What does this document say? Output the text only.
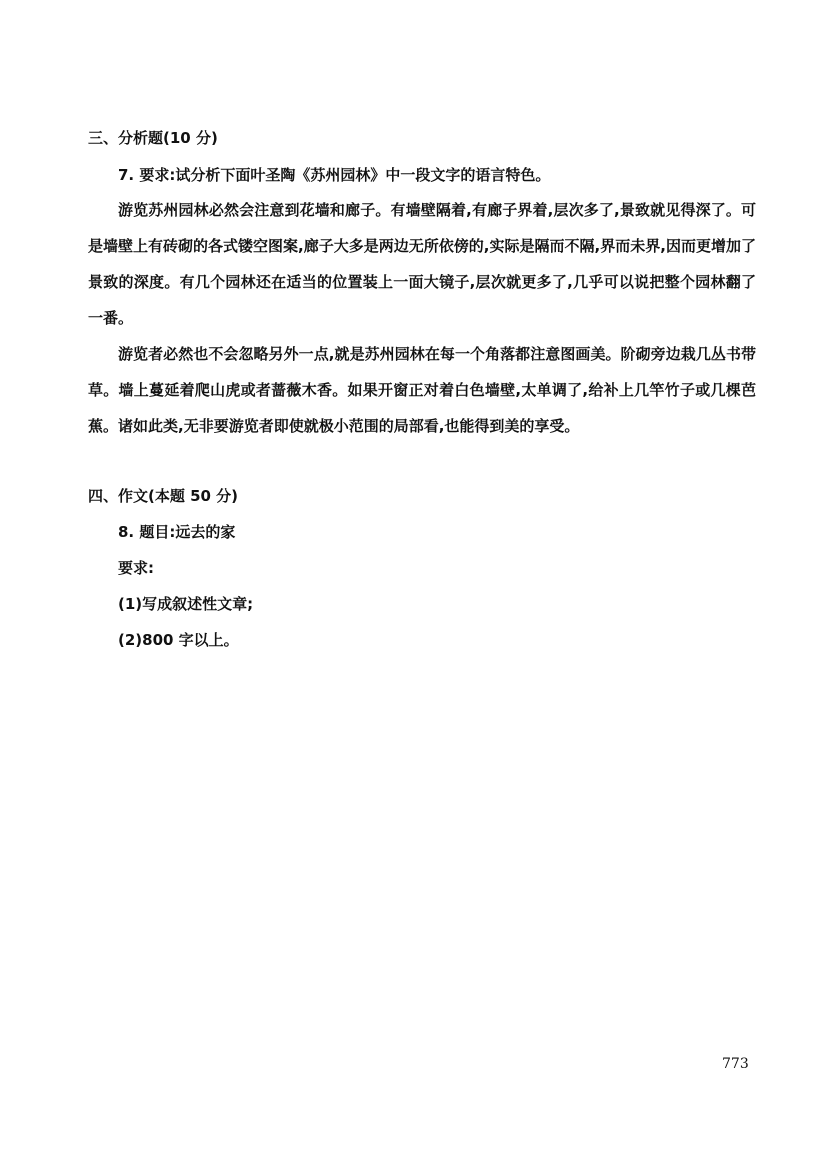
三、分析题(10 分)

7. 要求:试分析下面叶圣陶《苏州园林》中一段文字的语言特色。

游览苏州园林必然会注意到花墙和廊子。有墙壁隔着,有廊子界着,层次多了,景致就见得深了。可是墙壁上有砖砌的各式镂空图案,廊子大多是两边无所依傍的,实际是隔而不隔,界而未界,因而更增加了景致的深度。有几个园林还在适当的位置装上一面大镜子,层次就更多了,几乎可以说把整个园林翻了一番。

游览者必然也不会忽略另外一点,就是苏州园林在每一个角落都注意图画美。阶砌旁边栽几丛书带草。墙上蔓延着爬山虎或者蔷薇木香。如果开窗正对着白色墙壁,太单调了,给补上几竿竹子或几棵芭蕉。诸如此类,无非要游览者即使就极小范围的局部看,也能得到美的享受。

四、作文(本题 50 分)

8. 题目:远去的家

要求:

(1)写成叙述性文章;

(2)800 字以上。

773
